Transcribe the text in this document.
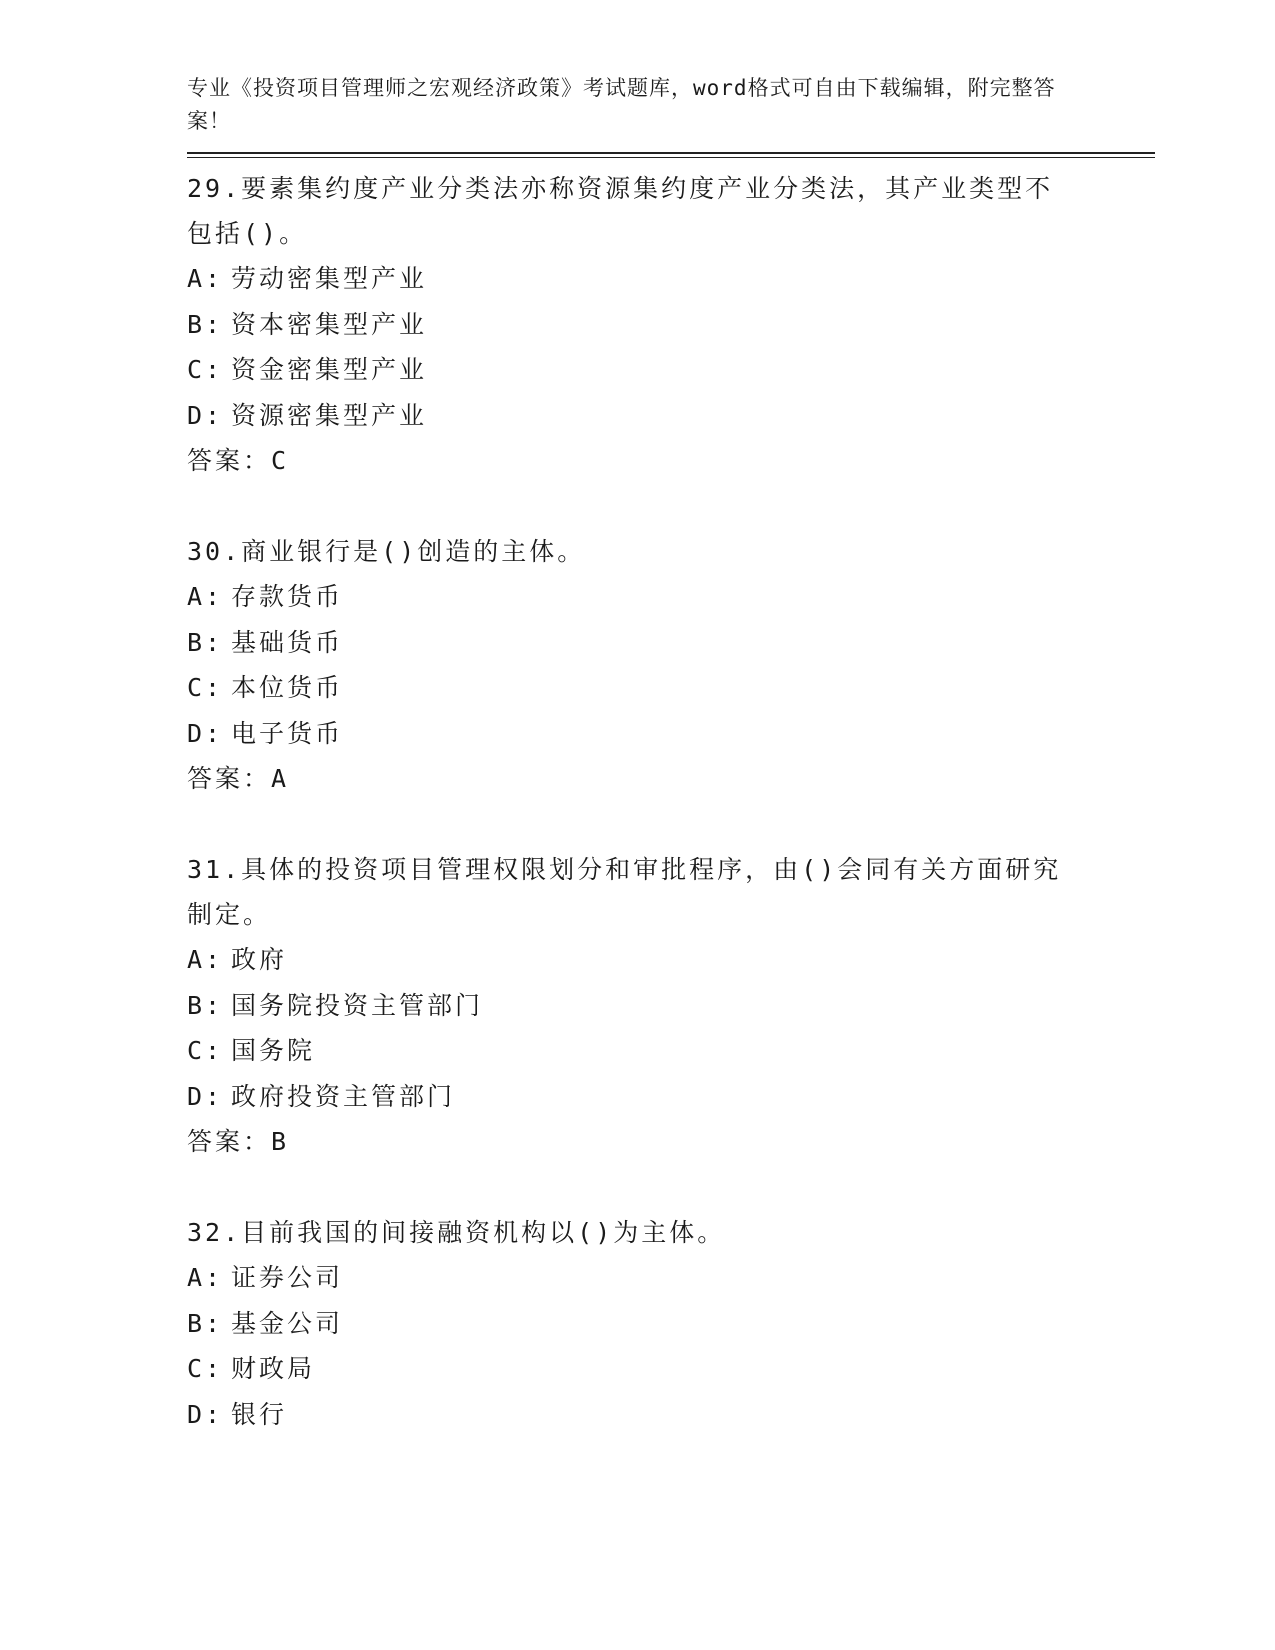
专业《投资项目管理师之宏观经济政策》考试题库，word格式可自由下载编辑，附完整答案！
29.要素集约度产业分类法亦称资源集约度产业分类法，其产业类型不包括()。
A: 劳动密集型产业
B: 资本密集型产业
C: 资金密集型产业
D: 资源密集型产业
答案：C
30.商业银行是()创造的主体。
A: 存款货币
B: 基础货币
C: 本位货币
D: 电子货币
答案：A
31.具体的投资项目管理权限划分和审批程序，由()会同有关方面研究制定。
A: 政府
B: 国务院投资主管部门
C: 国务院
D: 政府投资主管部门
答案：B
32.目前我国的间接融资机构以()为主体。
A: 证券公司
B: 基金公司
C: 财政局
D: 银行
